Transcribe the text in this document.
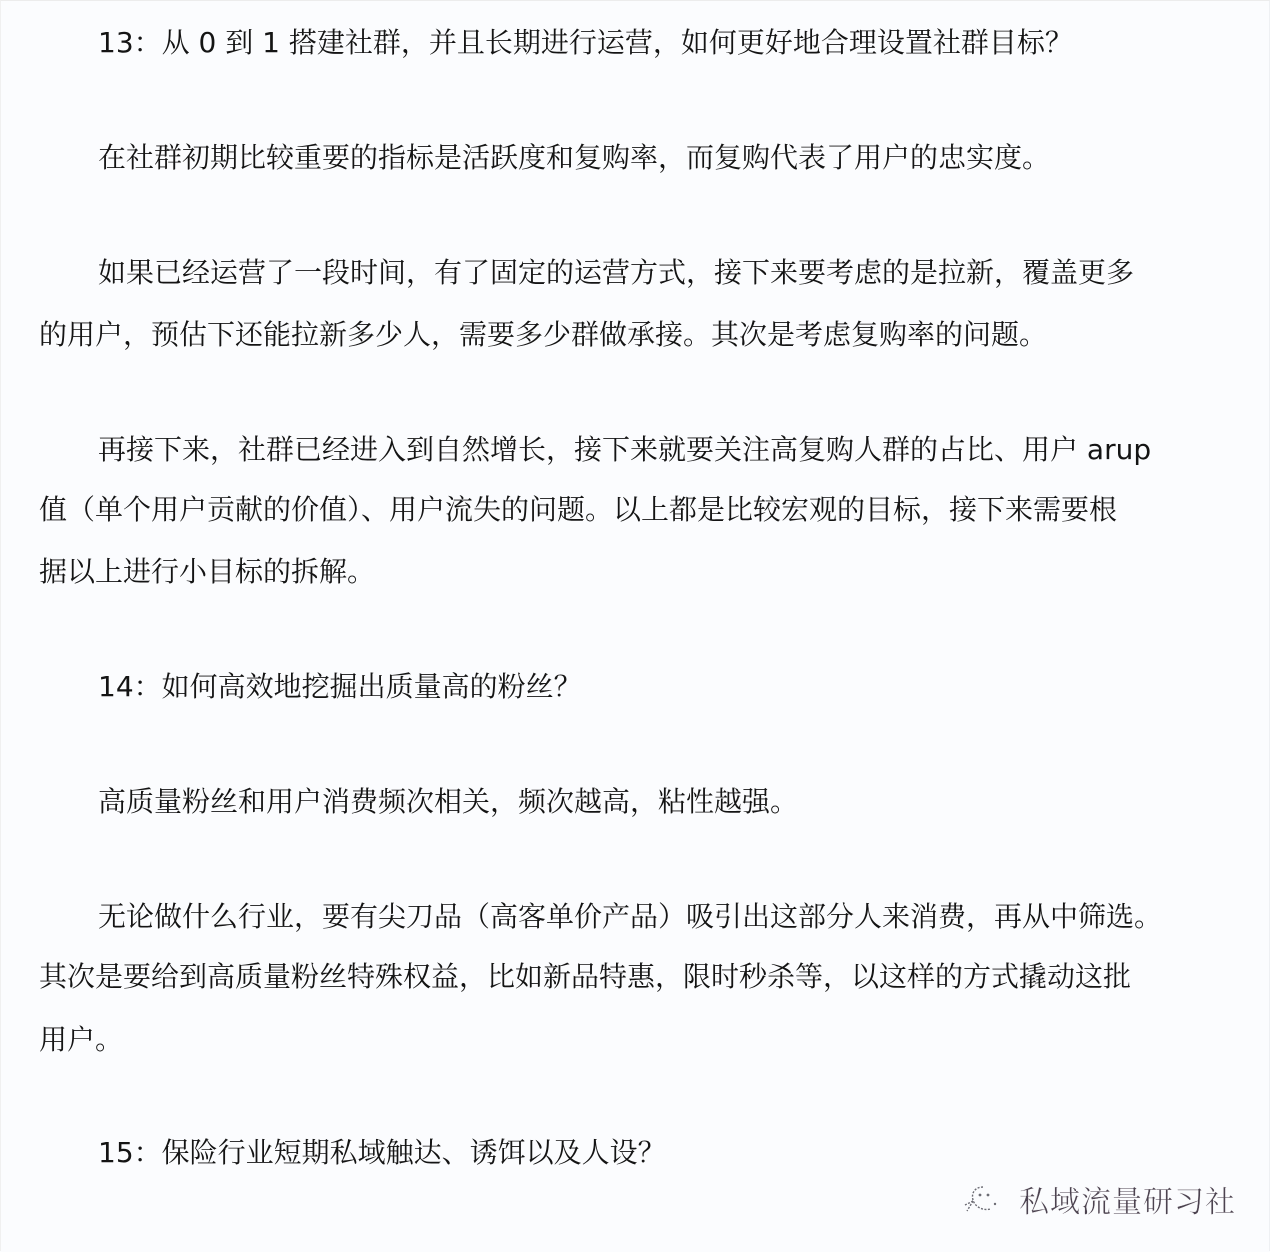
13：从 0 到 1 搭建社群，并且长期进行运营，如何更好地合理设置社群目标？
在社群初期比较重要的指标是活跃度和复购率，而复购代表了用户的忠实度。
如果已经运营了一段时间，有了固定的运营方式，接下来要考虑的是拉新，覆盖更多
的用户，预估下还能拉新多少人，需要多少群做承接。其次是考虑复购率的问题。
再接下来，社群已经进入到自然增长，接下来就要关注高复购人群的占比、用户 arup
值（单个用户贡献的价值）、用户流失的问题。以上都是比较宏观的目标，接下来需要根
据以上进行小目标的拆解。
14：如何高效地挖掘出质量高的粉丝？
高质量粉丝和用户消费频次相关，频次越高，粘性越强。
无论做什么行业，要有尖刀品（高客单价产品）吸引出这部分人来消费，再从中筛选。
其次是要给到高质量粉丝特殊权益，比如新品特惠，限时秒杀等，以这样的方式撬动这批
用户。
15：保险行业短期私域触达、诱饵以及人设？
私域流量研习社
